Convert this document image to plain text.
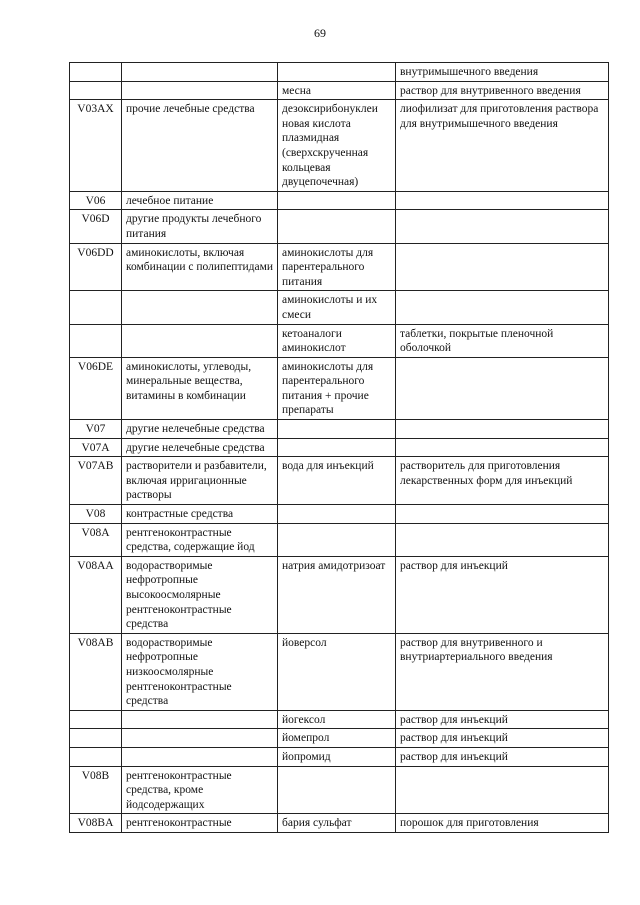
69
			внутримышечного введения
		месна	раствор для внутривенного введения
V03AX	прочие лечебные средства	дезоксирибонуклеи новая кислота плазмидная (сверхскрученная кольцевая двуцепочечная)	лиофилизат для приготовления раствора для внутримышечного введения
V06	лечебное питание		
V06D	другие продукты лечебного питания		
V06DD	аминокислоты, включая комбинации с полипептидами	аминокислоты для парентерального питания	
		аминокислоты и их смеси	
		кетоаналоги аминокислот	таблетки, покрытые пленочной оболочкой
V06DE	аминокислоты, углеводы, минеральные вещества, витамины в комбинации	аминокислоты для парентерального питания + прочие препараты	
V07	другие нелечебные средства		
V07A	другие нелечебные средства		
V07AB	растворители и разбавители, включая ирригационные растворы	вода для инъекций	растворитель для приготовления лекарственных форм для инъекций
V08	контрастные средства		
V08A	рентгеноконтрастные средства, содержащие йод		
V08AA	водорастворимые нефротропные высокоосмолярные рентгеноконтрастные средства	натрия амидотризоат	раствор для инъекций
V08AB	водорастворимые нефротропные низкоосмолярные рентгеноконтрастные средства	йоверсол	раствор для внутривенного и внутриартериального введения
		йогексол	раствор для инъекций
		йомепрол	раствор для инъекций
		йопромид	раствор для инъекций
V08B	рентгеноконтрастные средства, кроме йодсодержащих		
V08BA	рентгеноконтрастные	бария сульфат	порошок для приготовления
